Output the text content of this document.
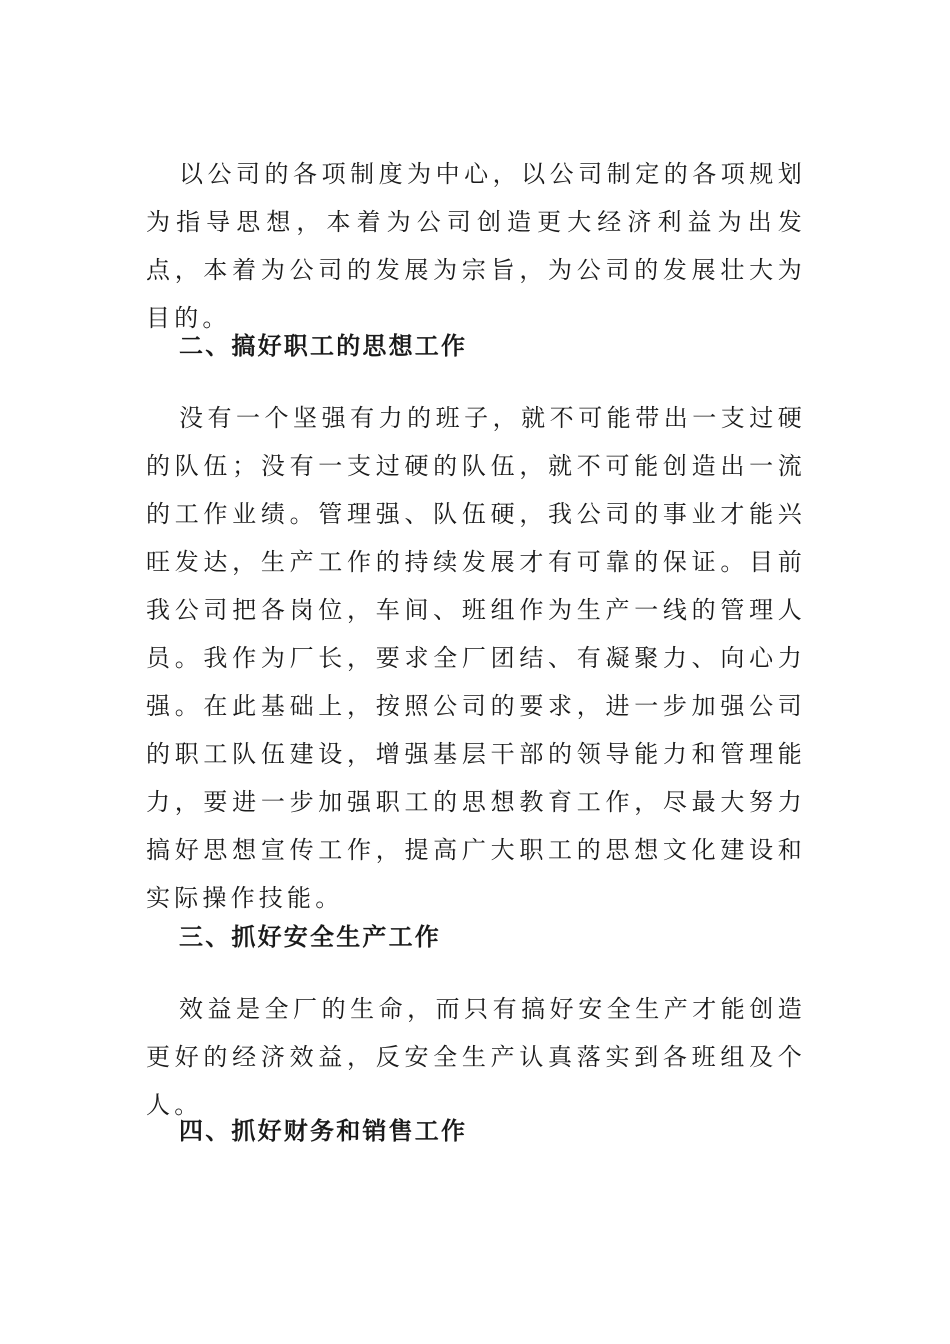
以公司的各项制度为中心，以公司制定的各项规划为指导思想，本着为公司创造更大经济利益为出发点，本着为公司的发展为宗旨，为公司的发展壮大为目的。

二、搞好职工的思想工作

没有一个坚强有力的班子，就不可能带出一支过硬的队伍；没有一支过硬的队伍，就不可能创造出一流的工作业绩。管理强、队伍硬，我公司的事业才能兴旺发达，生产工作的持续发展才有可靠的保证。目前我公司把各岗位，车间、班组作为生产一线的管理人员。我作为厂长，要求全厂团结、有凝聚力、向心力强。在此基础上，按照公司的要求，进一步加强公司的职工队伍建设，增强基层干部的领导能力和管理能力，要进一步加强职工的思想教育工作，尽最大努力搞好思想宣传工作，提高广大职工的思想文化建设和实际操作技能。

三、抓好安全生产工作

效益是全厂的生命，而只有搞好安全生产才能创造更好的经济效益，反安全生产认真落实到各班组及个人。

四、抓好财务和销售工作
